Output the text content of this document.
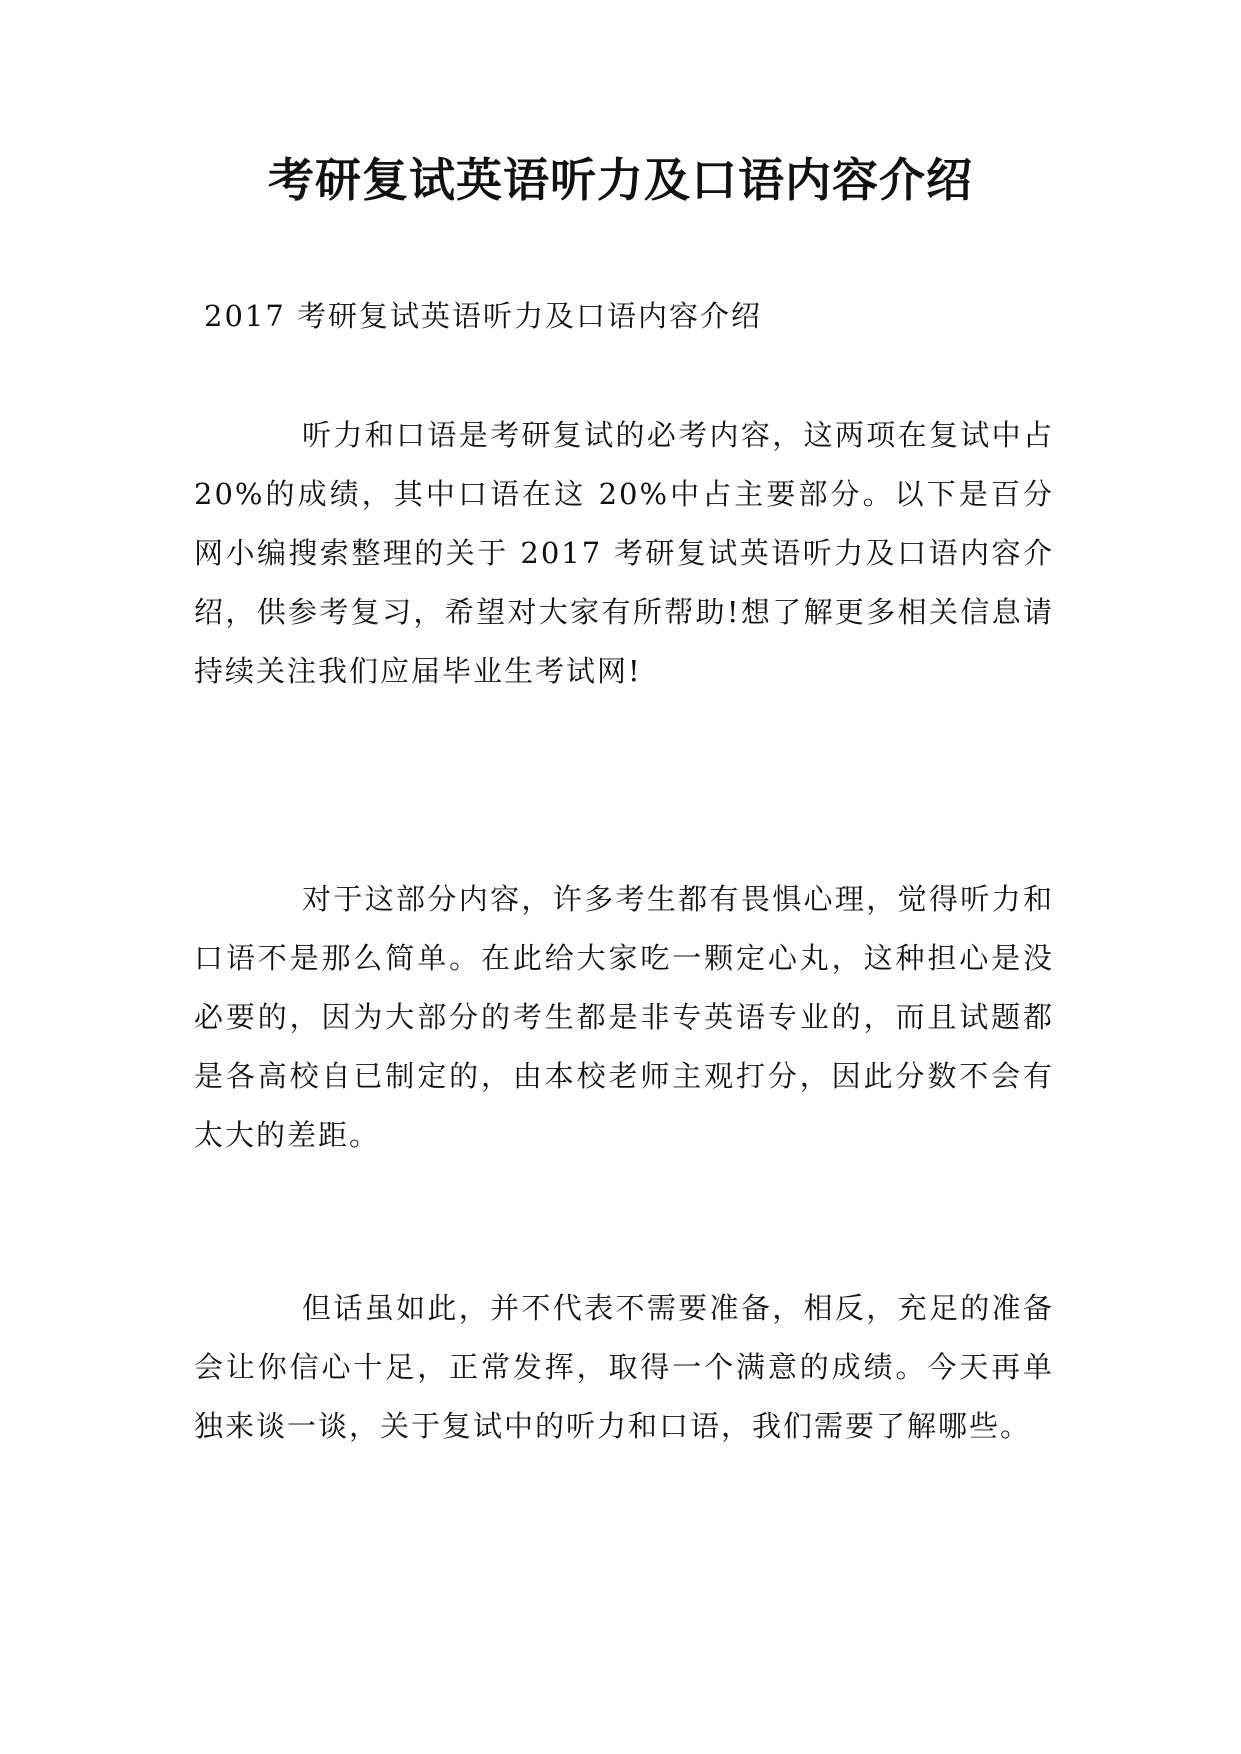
考研复试英语听力及口语内容介绍
2017 考研复试英语听力及口语内容介绍

听力和口语是考研复试的必考内容，这两项在复试中占 20%的成绩，其中口语在这 20%中占主要部分。以下是百分网小编搜索整理的关于 2017 考研复试英语听力及口语内容介绍，供参考复习，希望对大家有所帮助!想了解更多相关信息请持续关注我们应届毕业生考试网!

对于这部分内容，许多考生都有畏惧心理，觉得听力和口语不是那么简单。在此给大家吃一颗定心丸，这种担心是没必要的，因为大部分的考生都是非专英语专业的，而且试题都是各高校自已制定的，由本校老师主观打分，因此分数不会有太大的差距。

但话虽如此，并不代表不需要准备，相反，充足的准备会让你信心十足，正常发挥，取得一个满意的成绩。今天再单独来谈一谈，关于复试中的听力和口语，我们需要了解哪些。
